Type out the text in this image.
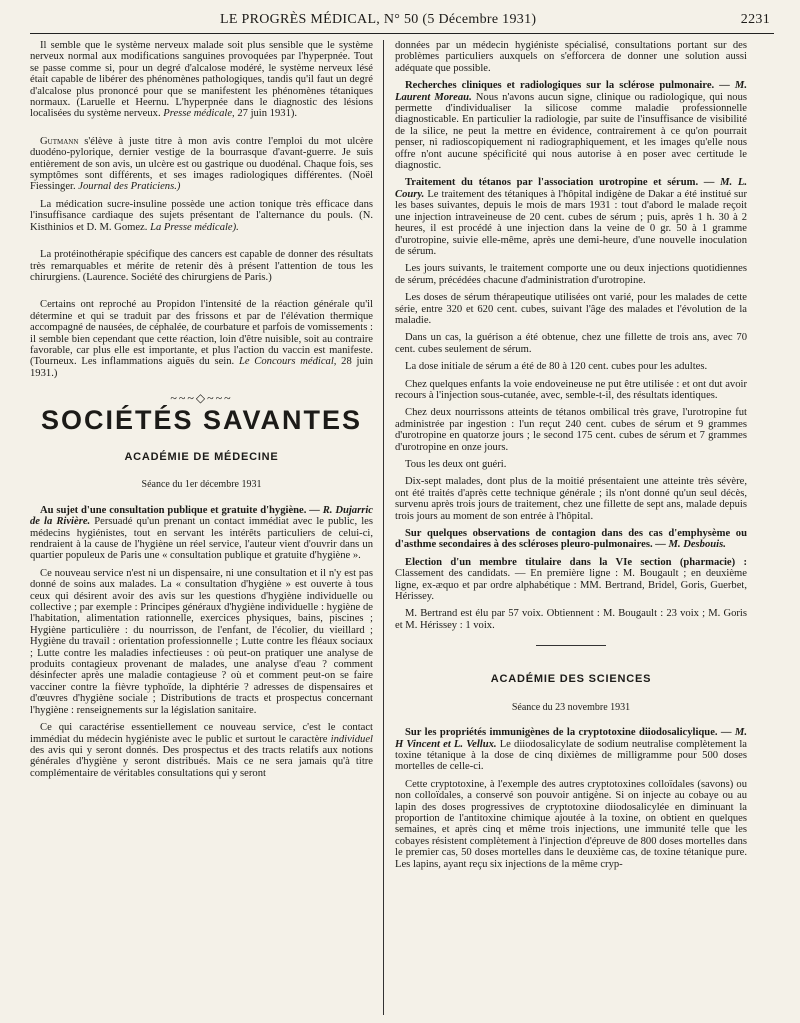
LE PROGRÈS MÉDICAL, N° 50 (5 Décembre 1931)	2231

Il semble que le système nerveux malade soit plus sensible que le système nerveux normal aux modifications sanguines provoquées par l'hyperpnée. Tout se passe comme si, pour un degré d'alcalose modéré, le système nerveux lésé était capable de libérer des phénomènes pathologiques, tandis qu'il faut un degré d'alcalose plus prononcé pour que se manifestent les phénomènes tétaniques normaux. (Laruelle et Heernu. L'hyperpnée dans le diagnostic des lésions localisées du système nerveux. Presse médicale, 27 juin 1931).

Gutmann s'élève à juste titre à mon avis contre l'emploi du mot ulcère duodéno-pylorique, dernier vestige de la bourrasque d'avant-guerre. Je suis entièrement de son avis, un ulcère est ou gastrique ou duodénal. Chaque fois, ses symptômes sont différents, et ses images radiologiques différentes. (Noël Fiessinger. Journal des Praticiens.)

La médication sucre-insuline possède une action tonique très efficace dans l'insuffisance cardiaque des sujets présentant de l'alternance du pouls. (N. Kisthinios et D. M. Gomez. La Presse médicale).

La protéinothérapie spécifique des cancers est capable de donner des résultats très remarquables et mérite de retenir dès à présent l'attention de tous les chirurgiens. (Laurence. Société des chirurgiens de Paris.)

Certains ont reproché au Propidon l'intensité de la réaction générale qu'il détermine et qui se traduit par des frissons et par de l'élévation thermique accompagné de nausées, de céphalée, de courbature et parfois de vomissements : il semble bien cependant que cette réaction, loin d'être nuisible, soit au contraire favorable, car plus elle est importante, et plus l'action du vaccin est manifeste. (Tourneux. Les inflammations aiguës du sein. Le Concours médical, 28 juin 1931.)

~~~◇~~~
SOCIÉTÉS SAVANTES
ACADÉMIE DE MÉDECINE
Séance du 1er décembre 1931

Au sujet d'une consultation publique et gratuite d'hygiène. — R. Dujarric de la Rivière. Persuadé qu'un prenant un contact immédiat avec le public, les médecins hygiénistes, tout en servant les intérêts particuliers de celui-ci, rendraient à la cause de l'hygiène un réel service, l'auteur vient d'ouvrir dans un quartier populeux de Paris une « consultation publique et gratuite d'hygiène ».

Ce nouveau service n'est ni un dispensaire, ni une consultation et il n'y est pas donné de soins aux malades. La « consultation d'hygiène » est ouverte à tous ceux qui désirent avoir des avis sur les questions d'hygiène individuelle ou collective ; par exemple : Principes généraux d'hygiène individuelle : hygiène de l'habitation, alimentation rationnelle, exercices physiques, bains, piscines ; Hygiène particulière : du nourrisson, de l'enfant, de l'écolier, du vieillard ; Hygiène du travail : orientation professionnelle ; Lutte contre les fléaux sociaux ; Lutte contre les maladies infectieuses : où peut-on pratiquer une analyse de produits contagieux provenant de malades, une analyse d'eau ? comment désinfecter après une maladie contagieuse ? où et comment peut-on se faire vacciner contre la fièvre typhoïde, la diphtérie ? adresses de dispensaires et d'œuvres d'hygiène sociale ; Distributions de tracts et prospectus concernant l'hygiène : renseignements sur la législation sanitaire.

Ce qui caractérise essentiellement ce nouveau service, c'est le contact immédiat du médecin hygiéniste avec le public et surtout le caractère individuel des avis qui y seront donnés. Des prospectus et des tracts relatifs aux notions générales d'hygiène y seront distribués. Mais ce ne sera jamais qu'à titre complémentaire de véritables consultations qui y seront

données par un médecin hygiéniste spécialisé, consultations portant sur des problèmes particuliers auxquels on s'efforcera de donner une solution aussi adéquate que possible.

Recherches cliniques et radiologiques sur la sclérose pulmonaire. — M. Laurent Moreau. Nous n'avons aucun signe, clinique ou radiologique, qui nous permette d'individualiser la silicose comme maladie professionnelle diagnosticable. En particulier la radiologie, par suite de l'insuffisance de visibilité de la silice, ne peut la mettre en évidence, contrairement à ce qu'on pourrait penser, ni radioscopiquement ni radiographiquement, et les images qu'elle nous offre n'ont aucune spécificité qui nous autorise à en poser avec certitude le diagnostic.

Traitement du tétanos par l'association urotropine et sérum. — M. L. Coury. Le traitement des tétaniques à l'hôpital indigène de Dakar a été institué sur les bases suivantes, depuis le mois de mars 1931 : tout d'abord le malade reçoit une injection intraveineuse de 20 cent. cubes de sérum ; puis, après 1 h. 30 à 2 heures, il est procédé à une injection dans la veine de 0 gr. 50 à 1 gramme d'urotropine, suivie elle-même, après une demi-heure, d'une nouvelle inoculation de sérum.

Les jours suivants, le traitement comporte une ou deux injections quotidiennes de sérum, précédées chacune d'administration d'urotropine.

Les doses de sérum thérapeutique utilisées ont varié, pour les malades de cette série, entre 320 et 620 cent. cubes, suivant l'âge des malades et l'évolution de la maladie.

Dans un cas, la guérison a été obtenue, chez une fillette de trois ans, avec 70 cent. cubes seulement de sérum.

La dose initiale de sérum a été de 80 à 120 cent. cubes pour les adultes.

Chez quelques enfants la voie endoveineuse ne put être utilisée : et ont dut avoir recours à l'injection sous-cutanée, avec, semble-t-il, des résultats identiques.

Chez deux nourrissons atteints de tétanos ombilical très grave, l'urotropine fut administrée par ingestion : l'un reçut 240 cent. cubes de sérum et 9 grammes d'urotropine en quatorze jours ; le second 175 cent. cubes de sérum et 7 grammes d'urotropine en onze jours.

Tous les deux ont guéri.

Dix-sept malades, dont plus de la moitié présentaient une atteinte très sévère, ont été traités d'après cette technique générale ; ils n'ont donné qu'un seul décès, survenu après trois jours de traitement, chez une fillette de sept ans, malade depuis trois jours au moment de son entrée à l'hôpital.

Sur quelques observations de contagion dans des cas d'emphysème ou d'asthme secondaires à des scléroses pleuro-pulmonaires. — M. Desbouis.

Election d'un membre titulaire dans la VIe section (pharmacie) : Classement des candidats. — En première ligne : M. Bougault ; en deuxième ligne, ex-æquo et par ordre alphabétique : MM. Bertrand, Bridel, Goris, Guerbet, Hérissey.

M. Bertrand est élu par 57 voix. Obtiennent : M. Bougault : 23 voix ; M. Goris et M. Hérissey : 1 voix.

ACADÉMIE DES SCIENCES
Séance du 23 novembre 1931

Sur les propriétés immunigènes de la cryptotoxine diiodosalicylique. — M. H Vincent et L. Vellux. Le diiodosalicylate de sodium neutralise complètement la toxine tétanique à la dose de cinq dixièmes de milligramme pour 500 doses mortelles de celle-ci.

Cette cryptotoxine, à l'exemple des autres cryptotoxines colloïdales (savons) ou non colloïdales, a conservé son pouvoir antigène. Si on injecte au cobaye ou au lapin des doses progressives de cryptotoxine diiodosalicylée en diminuant la proportion de l'antitoxine chimique ajoutée à la toxine, on obtient en quelques semaines, et après cinq et même trois injections, une immunité telle que les cobayes résistent complètement à l'injection d'épreuve de 800 doses mortelles dans le premier cas, 50 doses mortelles dans le deuxième cas, de toxine tétanique pure. Les lapins, ayant reçu six injections de la même cryp-
